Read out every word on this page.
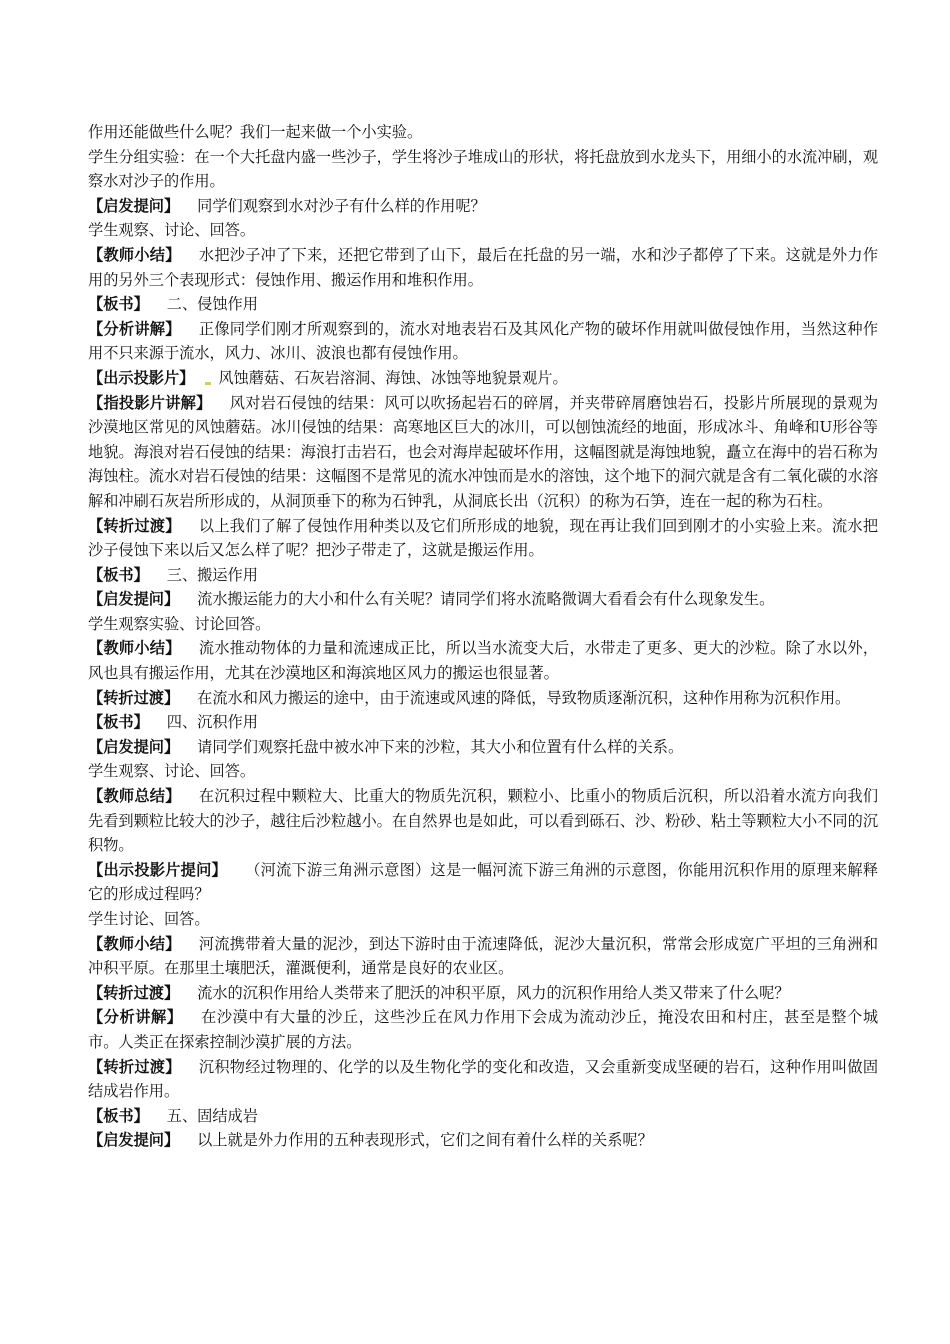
作用还能做些什么呢？我们一起来做一个小实验。

学生分组实验：在一个大托盘内盛一些沙子，学生将沙子堆成山的形状，将托盘放到水龙头下，用细小的水流冲刷，观察水对沙子的作用。

【启发提问】 同学们观察到水对沙子有什么样的作用呢？

学生观察、讨论、回答。

【教师小结】 水把沙子冲了下来，还把它带到了山下，最后在托盘的另一端，水和沙子都停了下来。这就是外力作用的另外三个表现形式：侵蚀作用、搬运作用和堆积作用。

【板书】 二、侵蚀作用

【分析讲解】 正像同学们刚才所观察到的，流水对地表岩石及其风化产物的破坏作用就叫做侵蚀作用，当然这种作用不只来源于流水，风力、冰川、波浪也都有侵蚀作用。

【出示投影片】 风蚀蘑菇、石灰岩溶洞、海蚀、冰蚀等地貌景观片。

【指投影片讲解】 风对岩石侵蚀的结果：风可以吹扬起岩石的碎屑，并夹带碎屑磨蚀岩石，投影片所展现的景观为沙漠地区常见的风蚀蘑菇。冰川侵蚀的结果：高寒地区巨大的冰川，可以刨蚀流经的地面，形成冰斗、角峰和U形谷等地貌。海浪对岩石侵蚀的结果：海浪打击岩石，也会对海岸起破坏作用，这幅图就是海蚀地貌，矗立在海中的岩石称为海蚀柱。流水对岩石侵蚀的结果：这幅图不是常见的流水冲蚀而是水的溶蚀，这个地下的洞穴就是含有二氧化碳的水溶解和冲刷石灰岩所形成的，从洞顶垂下的称为石钟乳，从洞底长出（沉积）的称为石笋，连在一起的称为石柱。

【转折过渡】 以上我们了解了侵蚀作用种类以及它们所形成的地貌，现在再让我们回到刚才的小实验上来。流水把沙子侵蚀下来以后又怎么样了呢？把沙子带走了，这就是搬运作用。

【板书】 三、搬运作用

【启发提问】 流水搬运能力的大小和什么有关呢？请同学们将水流略微调大看看会有什么现象发生。

学生观察实验、讨论回答。

【教师小结】 流水推动物体的力量和流速成正比，所以当水流变大后，水带走了更多、更大的沙粒。除了水以外，风也具有搬运作用，尤其在沙漠地区和海滨地区风力的搬运也很显著。

【转折过渡】 在流水和风力搬运的途中，由于流速或风速的降低，导致物质逐渐沉积，这种作用称为沉积作用。

【板书】 四、沉积作用

【启发提问】 请同学们观察托盘中被水冲下来的沙粒，其大小和位置有什么样的关系。

学生观察、讨论、回答。

【教师总结】 在沉积过程中颗粒大、比重大的物质先沉积，颗粒小、比重小的物质后沉积，所以沿着水流方向我们先看到颗粒比较大的沙子，越往后沙粒越小。在自然界也是如此，可以看到砾石、沙、粉砂、粘土等颗粒大小不同的沉积物。

【出示投影片提问】 （河流下游三角洲示意图）这是一幅河流下游三角洲的示意图，你能用沉积作用的原理来解释它的形成过程吗？

学生讨论、回答。

【教师小结】 河流携带着大量的泥沙，到达下游时由于流速降低，泥沙大量沉积，常常会形成宽广平坦的三角洲和冲积平原。在那里土壤肥沃，灌溉便利，通常是良好的农业区。

【转折过渡】 流水的沉积作用给人类带来了肥沃的冲积平原，风力的沉积作用给人类又带来了什么呢？

【分析讲解】 在沙漠中有大量的沙丘，这些沙丘在风力作用下会成为流动沙丘，掩没农田和村庄，甚至是整个城市。人类正在探索控制沙漠扩展的方法。

【转折过渡】 沉积物经过物理的、化学的以及生物化学的变化和改造，又会重新变成坚硬的岩石，这种作用叫做固结成岩作用。

【板书】 五、固结成岩

【启发提问】 以上就是外力作用的五种表现形式，它们之间有着什么样的关系呢？
